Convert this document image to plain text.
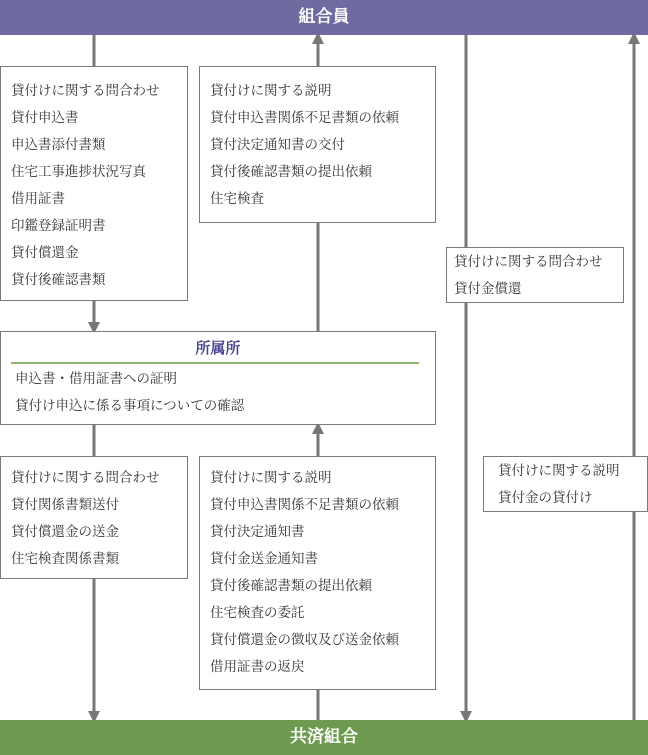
組合員
貸付けに関する問合わせ
貸付申込書
申込書添付書類
住宅工事進捗状況写真
借用証書
印鑑登録証明書
貸付償還金
貸付後確認書類
貸付けに関する説明
貸付申込書関係不足書類の依頼
貸付決定通知書の交付
貸付後確認書類の提出依頼
住宅検査
貸付けに関する問合わせ
貸付金償還
所属所
申込書・借用証書への証明
貸付け申込に係る事項についての確認
貸付けに関する問合わせ
貸付関係書類送付
貸付償還金の送金
住宅検査関係書類
貸付けに関する説明
貸付申込書関係不足書類の依頼
貸付決定通知書
貸付金送金通知書
貸付後確認書類の提出依頼
住宅検査の委託
貸付償還金の徴収及び送金依頼
借用証書の返戻
貸付けに関する説明
貸付金の貸付け
共済組合
